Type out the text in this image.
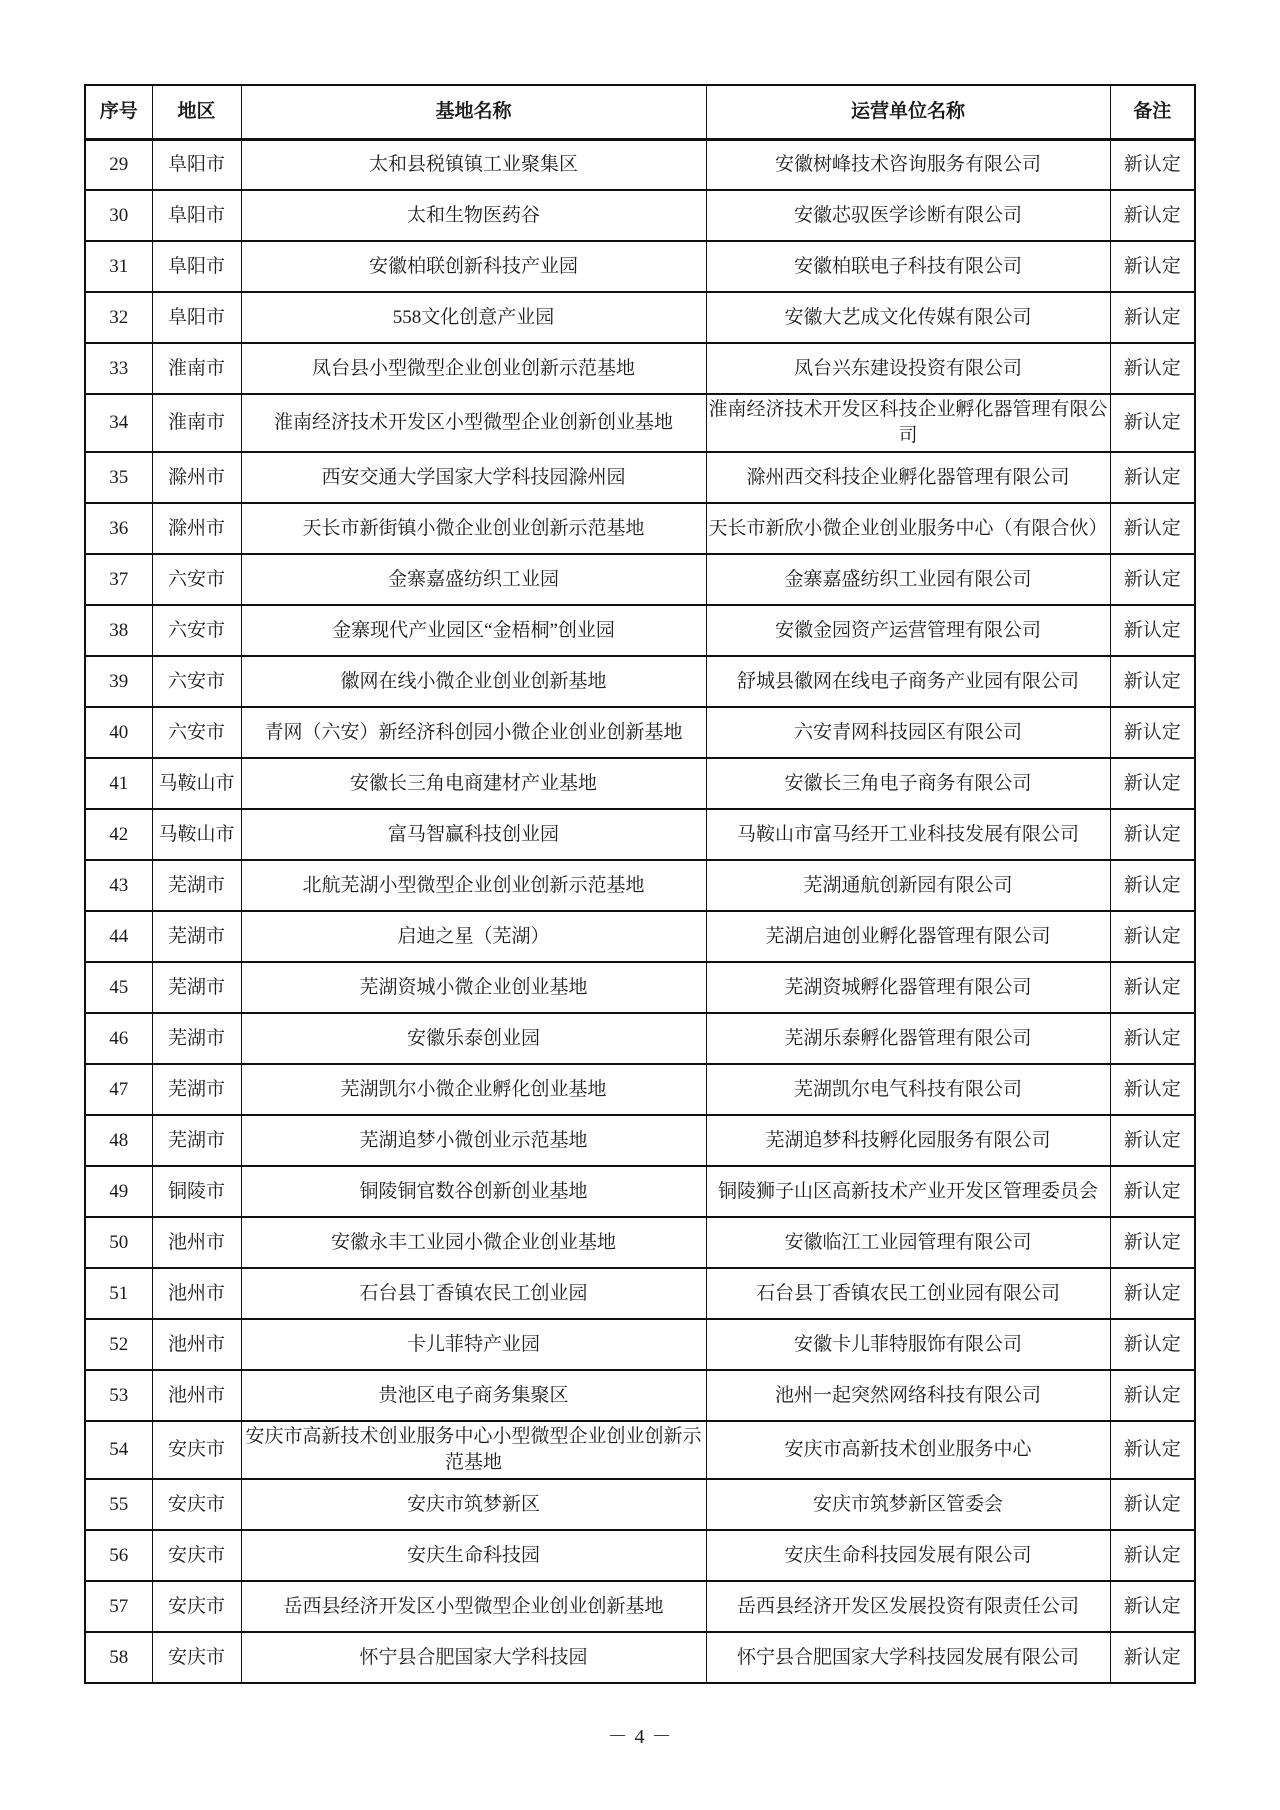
序号	地区	基地名称	运营单位名称	备注
29	阜阳市	太和县税镇镇工业聚集区	安徽树峰技术咨询服务有限公司	新认定
30	阜阳市	太和生物医药谷	安徽芯驭医学诊断有限公司	新认定
31	阜阳市	安徽柏联创新科技产业园	安徽柏联电子科技有限公司	新认定
32	阜阳市	558文化创意产业园	安徽大艺成文化传媒有限公司	新认定
33	淮南市	凤台县小型微型企业创业创新示范基地	凤台兴东建设投资有限公司	新认定
34	淮南市	淮南经济技术开发区小型微型企业创新创业基地	淮南经济技术开发区科技企业孵化器管理有限公司	新认定
35	滁州市	西安交通大学国家大学科技园滁州园	滁州西交科技企业孵化器管理有限公司	新认定
36	滁州市	天长市新街镇小微企业创业创新示范基地	天长市新欣小微企业创业服务中心（有限合伙）	新认定
37	六安市	金寨嘉盛纺织工业园	金寨嘉盛纺织工业园有限公司	新认定
38	六安市	金寨现代产业园区“金梧桐”创业园	安徽金园资产运营管理有限公司	新认定
39	六安市	徽网在线小微企业创业创新基地	舒城县徽网在线电子商务产业园有限公司	新认定
40	六安市	青网（六安）新经济科创园小微企业创业创新基地	六安青网科技园区有限公司	新认定
41	马鞍山市	安徽长三角电商建材产业基地	安徽长三角电子商务有限公司	新认定
42	马鞍山市	富马智赢科技创业园	马鞍山市富马经开工业科技发展有限公司	新认定
43	芜湖市	北航芜湖小型微型企业创业创新示范基地	芜湖通航创新园有限公司	新认定
44	芜湖市	启迪之星（芜湖）	芜湖启迪创业孵化器管理有限公司	新认定
45	芜湖市	芜湖资城小微企业创业基地	芜湖资城孵化器管理有限公司	新认定
46	芜湖市	安徽乐泰创业园	芜湖乐泰孵化器管理有限公司	新认定
47	芜湖市	芜湖凯尔小微企业孵化创业基地	芜湖凯尔电气科技有限公司	新认定
48	芜湖市	芜湖追梦小微创业示范基地	芜湖追梦科技孵化园服务有限公司	新认定
49	铜陵市	铜陵铜官数谷创新创业基地	铜陵狮子山区高新技术产业开发区管理委员会	新认定
50	池州市	安徽永丰工业园小微企业创业基地	安徽临江工业园管理有限公司	新认定
51	池州市	石台县丁香镇农民工创业园	石台县丁香镇农民工创业园有限公司	新认定
52	池州市	卡儿菲特产业园	安徽卡儿菲特服饰有限公司	新认定
53	池州市	贵池区电子商务集聚区	池州一起突然网络科技有限公司	新认定
54	安庆市	安庆市高新技术创业服务中心小型微型企业创业创新示范基地	安庆市高新技术创业服务中心	新认定
55	安庆市	安庆市筑梦新区	安庆市筑梦新区管委会	新认定
56	安庆市	安庆生命科技园	安庆生命科技园发展有限公司	新认定
57	安庆市	岳西县经济开发区小型微型企业创业创新基地	岳西县经济开发区发展投资有限责任公司	新认定
58	安庆市	怀宁县合肥国家大学科技园	怀宁县合肥国家大学科技园发展有限公司	新认定
－ 4 －
